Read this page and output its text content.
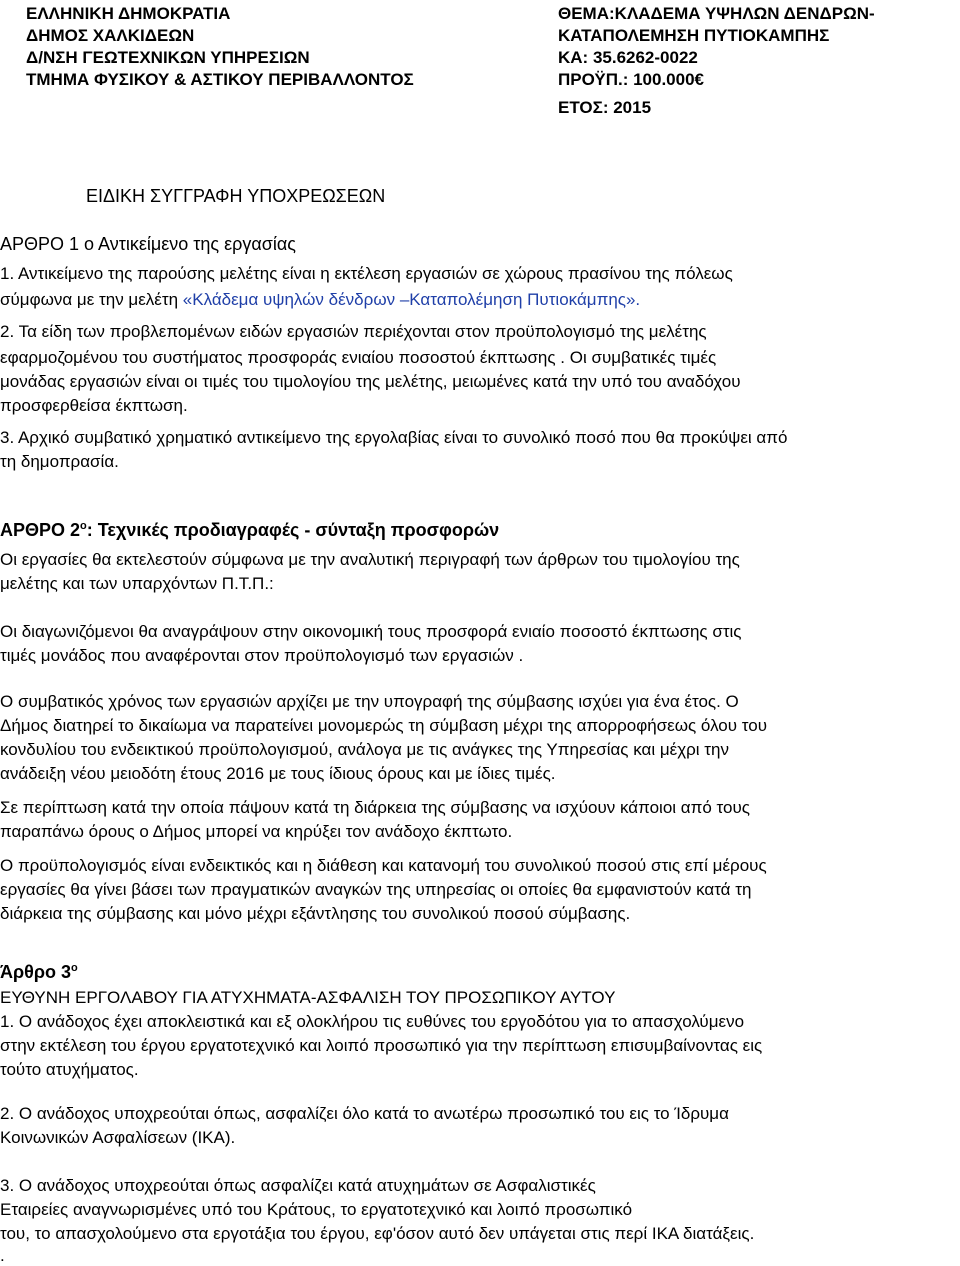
ΕΛΛΗΝΙΚΗ ΔΗΜΟΚΡΑΤΙΑ
ΔΗΜΟΣ ΧΑΛΚΙΔΕΩΝ
Δ/ΝΣΗ ΓΕΩΤΕΧΝΙΚΩΝ ΥΠΗΡΕΣΙΩΝ
ΤΜΗΜΑ ΦΥΣΙΚΟΥ & ΑΣΤΙΚΟΥ ΠΕΡΙΒΑΛΛΟΝΤΟΣ
ΘΕΜΑ:ΚΛΑΔΕΜΑ ΥΨΗΛΩΝ ΔΕΝΔΡΩΝ-
ΚΑΤΑΠΟΛΕΜΗΣΗ ΠΥΤΙΟΚΑΜΠΗΣ
ΚΑ: 35.6262-0022
ΠΡΟΫΠ.: 100.000€
ΕΤΟΣ: 2015
ΕΙΔΙΚΗ ΣΥΓΓΡΑΦΗ ΥΠΟΧΡΕΩΣΕΩΝ
ΑΡΘΡΟ 1 ο Αντικείμενο της εργασίας
1. Αντικείμενο της παρούσης μελέτης είναι η εκτέλεση εργασιών σε χώρους πρασίνου της πόλεως
σύμφωνα με την μελέτη «Κλάδεμα υψηλών δένδρων –Καταπολέμηση Πυτιοκάμπης».
2. Τα είδη των προβλεπομένων ειδών εργασιών περιέχονται στον προϋπολογισμό της μελέτης
εφαρμοζομένου του συστήματος προσφοράς ενιαίου ποσοστού έκπτωσης . Οι συμβατικές τιμές
μονάδας εργασιών είναι οι τιμές του τιμολογίου της μελέτης, μειωμένες κατά την υπό του αναδόχου
προσφερθείσα έκπτωση.
3. Αρχικό συμβατικό χρηματικό αντικείμενο της εργολαβίας είναι το συνολικό ποσό που θα προκύψει από
τη δημοπρασία.
ΑΡΘΡΟ $2^o$: Τεχνικές προδιαγραφές - σύνταξη προσφορών
Οι εργασίες θα εκτελεστούν σύμφωνα με την αναλυτική περιγραφή των άρθρων του τιμολογίου της
μελέτης και των υπαρχόντων Π.Τ.Π.:
Οι διαγωνιζόμενοι θα αναγράψουν στην οικονομική τους προσφορά ενιαίο ποσοστό έκπτωσης στις
τιμές μονάδος που αναφέρονται στον προϋπολογισμό των εργασιών .
Ο συμβατικός χρόνος των εργασιών αρχίζει με την υπογραφή της σύμβασης ισχύει για ένα έτος. Ο
Δήμος διατηρεί το δικαίωμα να παρατείνει μονομερώς τη σύμβαση μέχρι της απορροφήσεως όλου του
κονδυλίου του ενδεικτικού προϋπολογισμού, ανάλογα με τις ανάγκες της Υπηρεσίας και μέχρι την
ανάδειξη νέου μειοδότη έτους 2016 με τους ίδιους όρους και με ίδιες τιμές.
Σε περίπτωση κατά την οποία πάψουν κατά τη διάρκεια της σύμβασης να ισχύουν κάποιοι από τους
παραπάνω όρους ο Δήμος μπορεί να κηρύξει τον ανάδοχο έκπτωτο.
Ο προϋπολογισμός είναι ενδεικτικός και η διάθεση και κατανομή του συνολικού ποσού στις επί μέρους
εργασίες θα γίνει βάσει των πραγματικών αναγκών της υπηρεσίας οι οποίες θα εμφανιστούν κατά τη
διάρκεια της σύμβασης και μόνο μέχρι εξάντλησης του συνολικού ποσού σύμβασης.
Άρθρο $3^o$
ΕΥΘΥΝΗ ΕΡΓΟΛΑΒΟΥ ΓΙΑ ΑΤΥΧΗΜΑΤΑ-ΑΣΦΑΛΙΣΗ ΤΟΥ ΠΡΟΣΩΠΙΚΟΥ ΑΥΤΟΥ
1. Ο ανάδοχος έχει αποκλειστικά και εξ ολοκλήρου τις ευθύνες του εργοδότου για το απασχολύμενο
στην εκτέλεση του έργου εργατοτεχνικό και λοιπό προσωπικό για την περίπτωση επισυμβαίνοντας εις
τούτο ατυχήματος.
2. Ο ανάδοχος υποχρεούται όπως, ασφαλίζει όλο κατά το ανωτέρω προσωπικό του εις το Ίδρυμα
Κοινωνικών Ασφαλίσεων (ΙΚΑ).
3. Ο ανάδοχος υποχρεούται όπως ασφαλίζει κατά ατυχημάτων σε Ασφαλιστικές
Εταιρείες αναγνωρισμένες υπό του Κράτους, το εργατοτεχνικό και λοιπό προσωπικό
του, το απασχολούμενο στα εργοτάξια του έργου, εφ'όσον αυτό δεν υπάγεται στις περί ΙΚΑ διατάξεις.
.
